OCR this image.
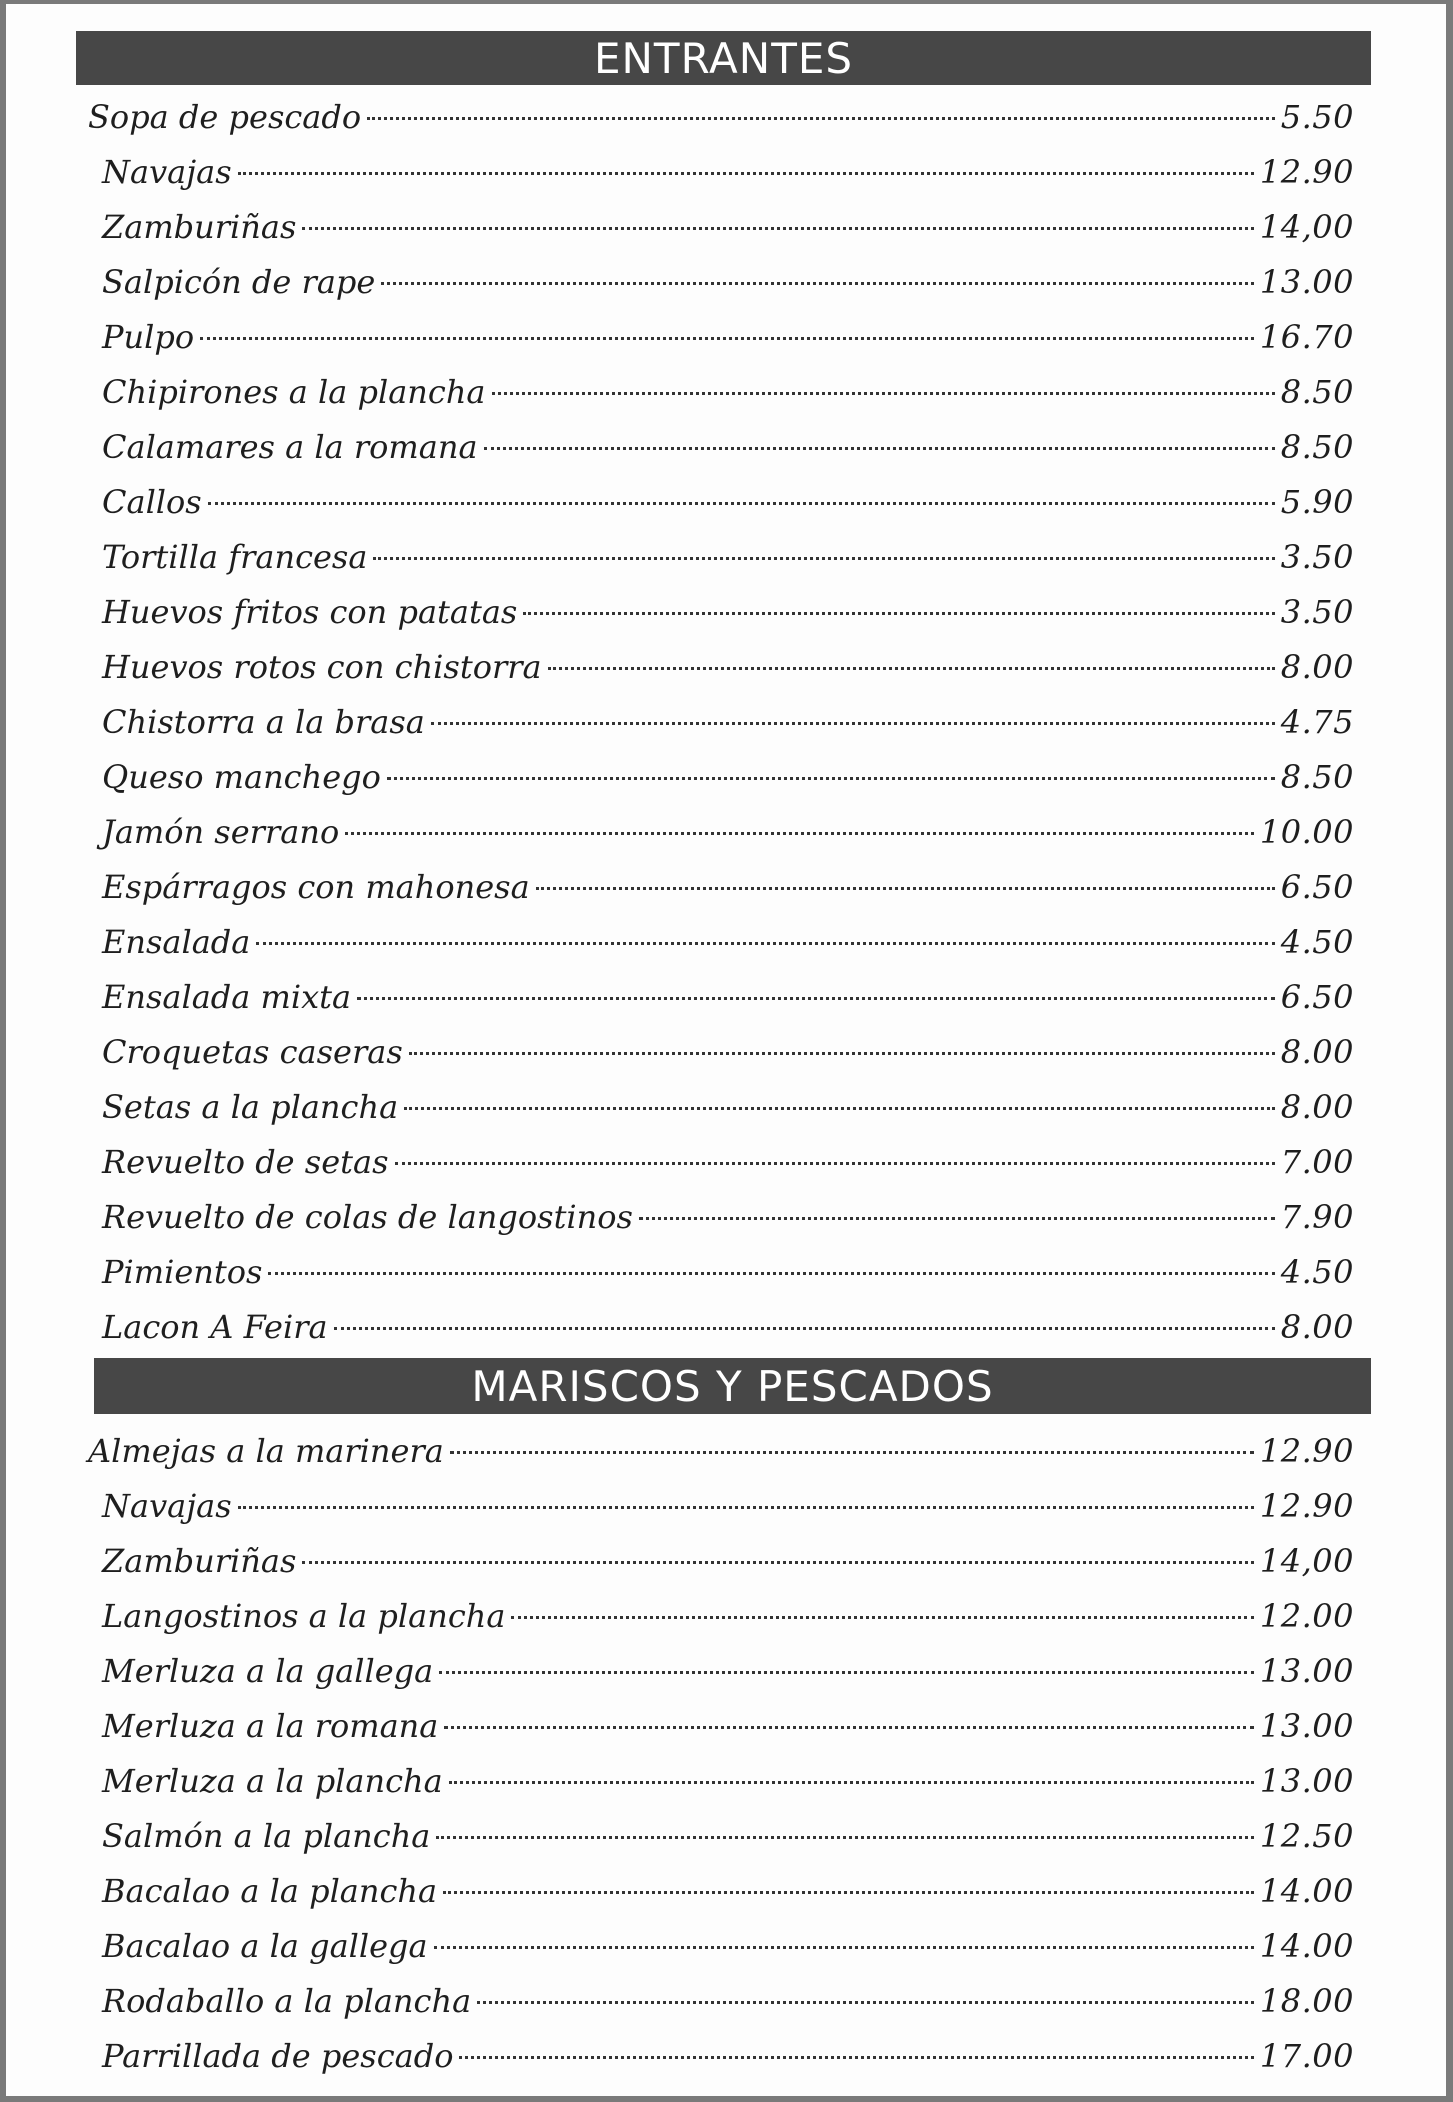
ENTRANTES
Sopa de pescado	5.50
Navajas	12.90
Zamburiñas	14,00
Salpicón de rape	13.00
Pulpo	16.70
Chipirones a la plancha	8.50
Calamares a la romana	8.50
Callos	5.90
Tortilla francesa	3.50
Huevos fritos con patatas	3.50
Huevos rotos con chistorra	8.00
Chistorra a la brasa	4.75
Queso manchego	8.50
Jamón serrano	10.00
Espárragos con mahonesa	6.50
Ensalada	4.50
Ensalada mixta	6.50
Croquetas caseras	8.00
Setas a la plancha	8.00
Revuelto de setas	7.00
Revuelto de colas de langostinos	7.90
Pimientos	4.50
Lacon A Feira	8.00
MARISCOS Y PESCADOS
Almejas a la marinera	12.90
Navajas	12.90
Zamburiñas	14,00
Langostinos a la plancha	12.00
Merluza a la gallega	13.00
Merluza a la romana	13.00
Merluza a la plancha	13.00
Salmón a la plancha	12.50
Bacalao a la plancha	14.00
Bacalao a la gallega	14.00
Rodaballo a la plancha	18.00
Parrillada de pescado	17.00
